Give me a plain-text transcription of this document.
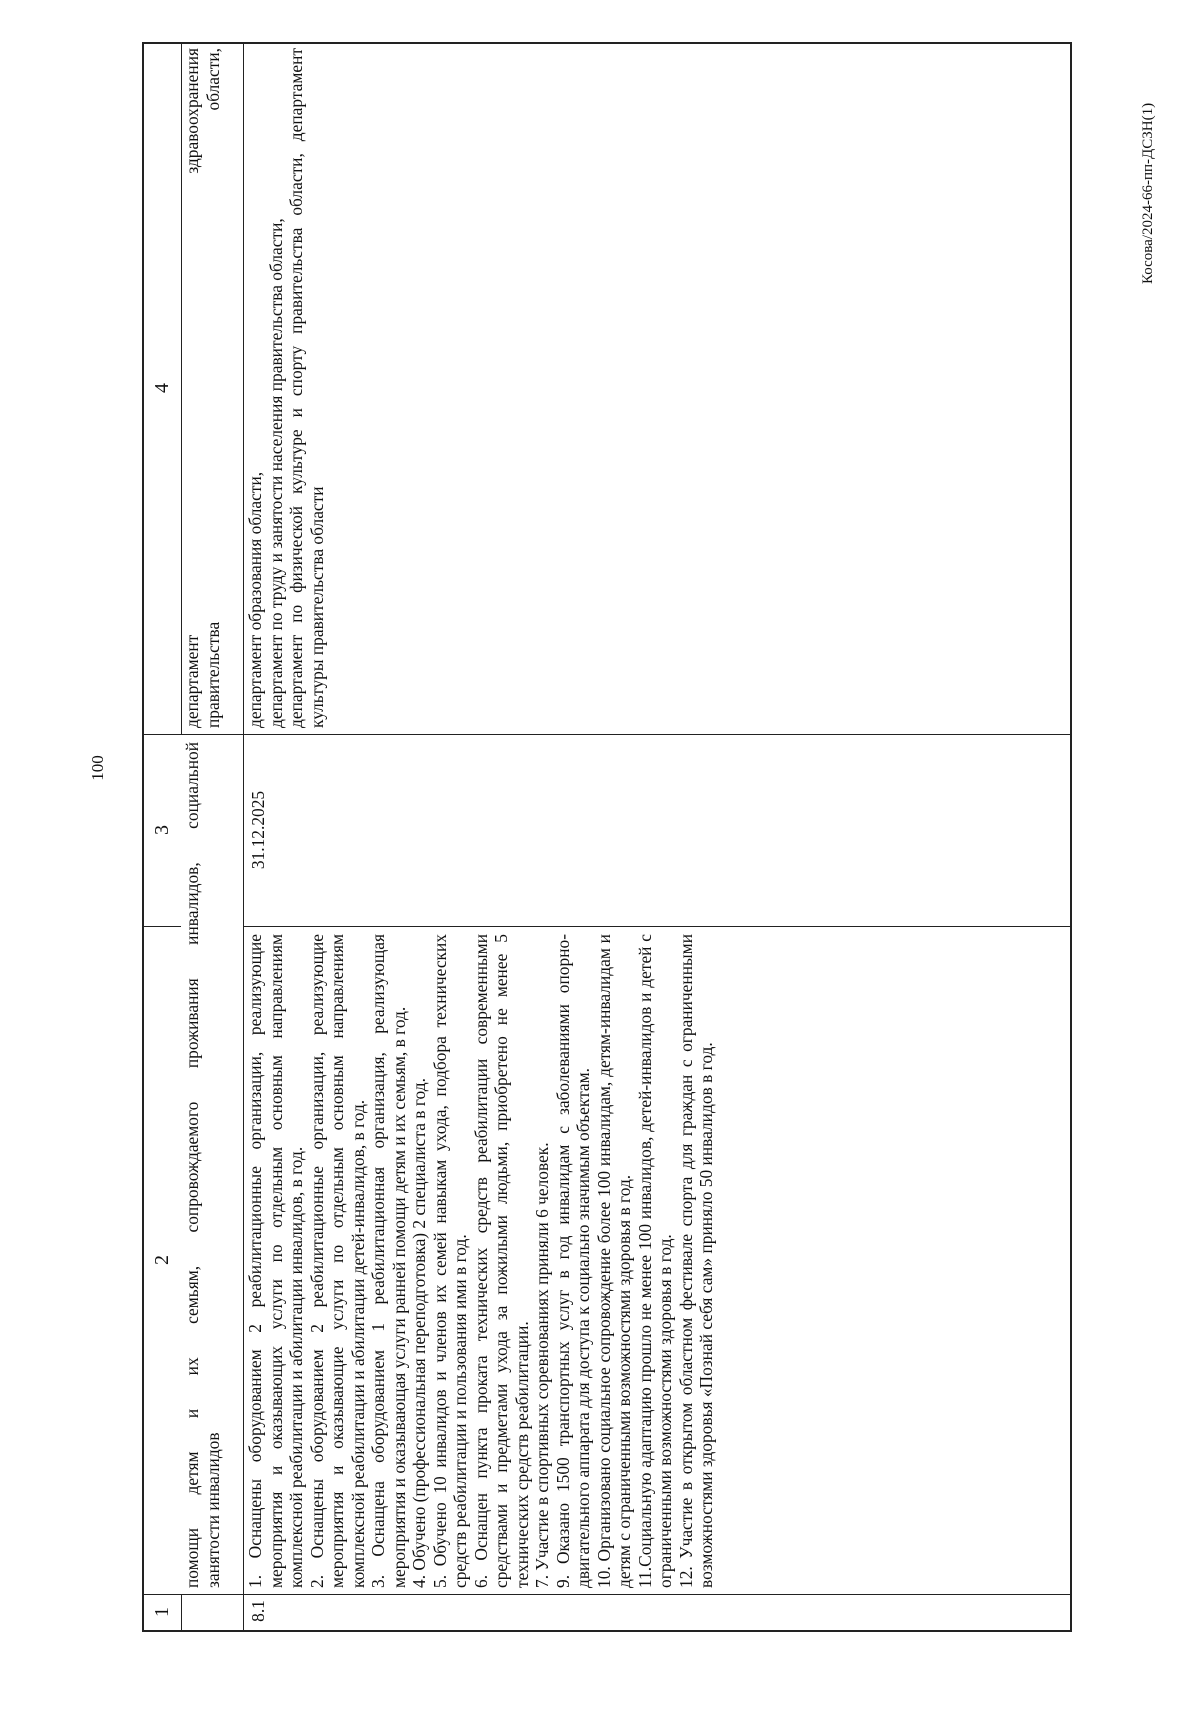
100
1
2
3
4

помощи детям и их семьям, сопровождаемого проживания инвалидов, социальной занятости инвалидов

департамент здравоохранения правительства области,

8.1

1. Оснащены оборудованием 2 реабилитационные организации, реализующие мероприятия и оказывающих услуги по отдельным основным направлениям комплексной реабилитации и абилитации инвалидов, в год. 2. Оснащены оборудованием 2 реабилитационные организации, реализующие мероприятия и оказывающие услуги по отдельным основным направлениям комплексной реабилитации и абилитации детей-инвалидов, в год. 3. Оснащена оборудованием 1 реабилитационная организация, реализующая мероприятия и оказывающая услуги ранней помощи детям и их семьям, в год. 4. Обучено (профессиональная переподготовка) 2 специалиста в год. 5. Обучено 10 инвалидов и членов их семей навыкам ухода, подбора технических средств реабилитации и пользования ими в год. 6. Оснащен пункта проката технических средств реабилитации современными средствами и предметами ухода за пожилыми людьми, приобретено не менее 5 технических средств реабилитации. 7. Участие в спортивных соревнованиях приняли 6 человек. 9. Оказано 1500 транспортных услуг в год инвалидам с заболеваниями опорно-двигательного аппарата для доступа к социально значимым объектам. 10. Организовано социальное сопровождение более 100 инвалидам, детям-инвалидам и детям с ограниченными возможностями здоровья в год. 11.Социальную адаптацию прошло не менее 100 инвалидов, детей-инвалидов и детей с ограниченными возможностями здоровья в год. 12. Участие в открытом областном фестивале спорта для граждан с ограниченными возможностями здоровья «Познай себя сам» приняло 50 инвалидов в год.

31.12.2025

департамент образования области, департамент по труду и занятости населения правительства области, департамент по физической культуре и спорту правительства области, департамент культуры правительства области

Косова/2024-66-пп-ДСЗН(1)
